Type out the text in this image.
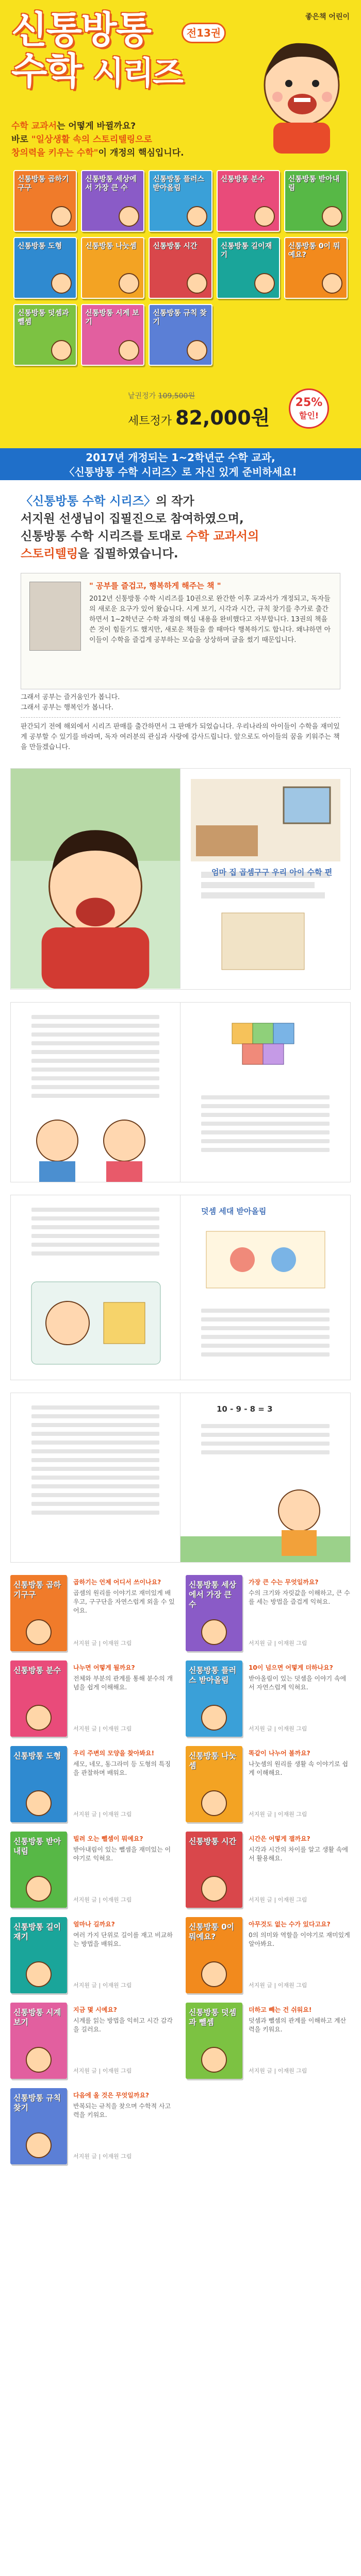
신통방통
수학 시리즈
전13권
좋은책 어린이
수학 교과서는 어떻게 바뀔까요?
바로 "일상생활 속의 스토리텔링으로
창의력을 키우는 수학"이 개정의 핵심입니다.
신통방통 곱하기구구
신통방통 세상에서 가장 큰 수
신통방통 플러스 받아올림
신통방통 분수	신통방통 받아내림
신통방통 도형	신통방통 나눗셈	신통방통 시간	신통방통 길이재기
신통방통 0이 뭐예요?
신통방통 덧셈과 뺄셈
신통방통 시계 보기
신통방통 규칙 찾기
낱권정가 109,500원
세트정가 82,000원
25%
할인!
2017년 개정되는 1~2학년군 수학 교과,
〈신통방통 수학 시리즈〉로 자신 있게 준비하세요!
〈신통방통 수학 시리즈〉의 작가
서지원 선생님이 집필진으로 참여하였으며,
신통방통 수학 시리즈를 토대로 수학 교과서의
스토리텔링을 집필하였습니다.
" 공부를 즐겁고, 행복하게 해주는 책 "
2012년 신통방통 수학 시리즈를 10권으로 완간한 이후 교과서가 개정되고, 독자들의 새로운 요구가 있어 왔습니다. 시계 보기, 시각과 시간, 규칙 찾기를 추가로 출간하면서 1~2학년군 수학 과정의 핵심 내용을 완비했다고 자부합니다. 13권의 책을 쓴 것이 힘들기도 했지만, 새로운 책들을 쓸 때마다 행복하기도 합니다. 왜냐하면 아이들이 수학을 즐겁게 공부하는 모습을 상상하며 글을 썼기 때문입니다.
그래서 공부는 즐거움인가 봅니다.
그래서 공부는 행복인가 봅니다.
판간되기 전에 해외에서 시리즈 판매를 출간하면서 그 판매가 되었습니다. 우리나라의 아이들이 수학을 재미있게 공부할 수 있기를 바라며, 독자 여러분의 관심과 사랑에 감사드립니다. 앞으로도 아이들의 꿈을 키워주는 책을 만들겠습니다.
엄마 집 곱셈구구 우리 아이 수학 편
덧셈 세대 받아올림
10 - 9 - 8 = 3
신통방통 곱하기구구
곱하기는 언제 어디서 쓰이나요?
곱셈의 원리를 이야기로 재미있게 배우고, 구구단을 자연스럽게 외울 수 있어요.
서지원 글 | 이재원 그림
신통방통 세상에서 가장 큰 수
가장 큰 수는 무엇일까요?
수의 크기와 자릿값을 이해하고, 큰 수를 세는 방법을 즐겁게 익혀요.
서지원 글 | 이재원 그림
신통방통 분수	나누면 어떻게 될까요?
전체와 부분의 관계를 통해 분수의 개념을 쉽게 이해해요.
서지원 글 | 이재원 그림
신통방통 플러스 받아올림
10이 넘으면 어떻게 더하나요?
받아올림이 있는 덧셈을 이야기 속에서 자연스럽게 익혀요.
서지원 글 | 이재원 그림
신통방통 도형	우리 주변의 모양을 찾아봐요!
세모, 네모, 동그라미 등 도형의 특징을 관찰하며 배워요.
서지원 글 | 이재원 그림
신통방통 나눗셈
똑같이 나누어 볼까요?
나눗셈의 원리를 생활 속 이야기로 쉽게 이해해요.
서지원 글 | 이재원 그림
신통방통 받아내림
빌려 오는 뺄셈이 뭐예요?
받아내림이 있는 뺄셈을 재미있는 이야기로 익혀요.
서지원 글 | 이재원 그림
신통방통 시간	시간은 어떻게 잴까요?
시각과 시간의 차이를 알고 생활 속에서 활용해요.
서지원 글 | 이재원 그림
신통방통 길이재기
얼마나 길까요?
여러 가지 단위로 길이를 재고 비교하는 방법을 배워요.
서지원 글 | 이재원 그림
신통방통 0이 뭐예요?
아무것도 없는 수가 있다고요?
0의 의미와 역할을 이야기로 재미있게 알아봐요.
서지원 글 | 이재원 그림
신통방통 시계 보기
지금 몇 시예요?
시계를 읽는 방법을 익히고 시간 감각을 길러요.
서지원 글 | 이재원 그림
신통방통 덧셈과 뺄셈
더하고 빼는 건 쉬워요!
덧셈과 뺄셈의 관계를 이해하고 계산력을 키워요.
서지원 글 | 이재원 그림
신통방통 규칙 찾기
다음에 올 것은 무엇일까요?
반복되는 규칙을 찾으며 수학적 사고력을 키워요.
서지원 글 | 이재원 그림
